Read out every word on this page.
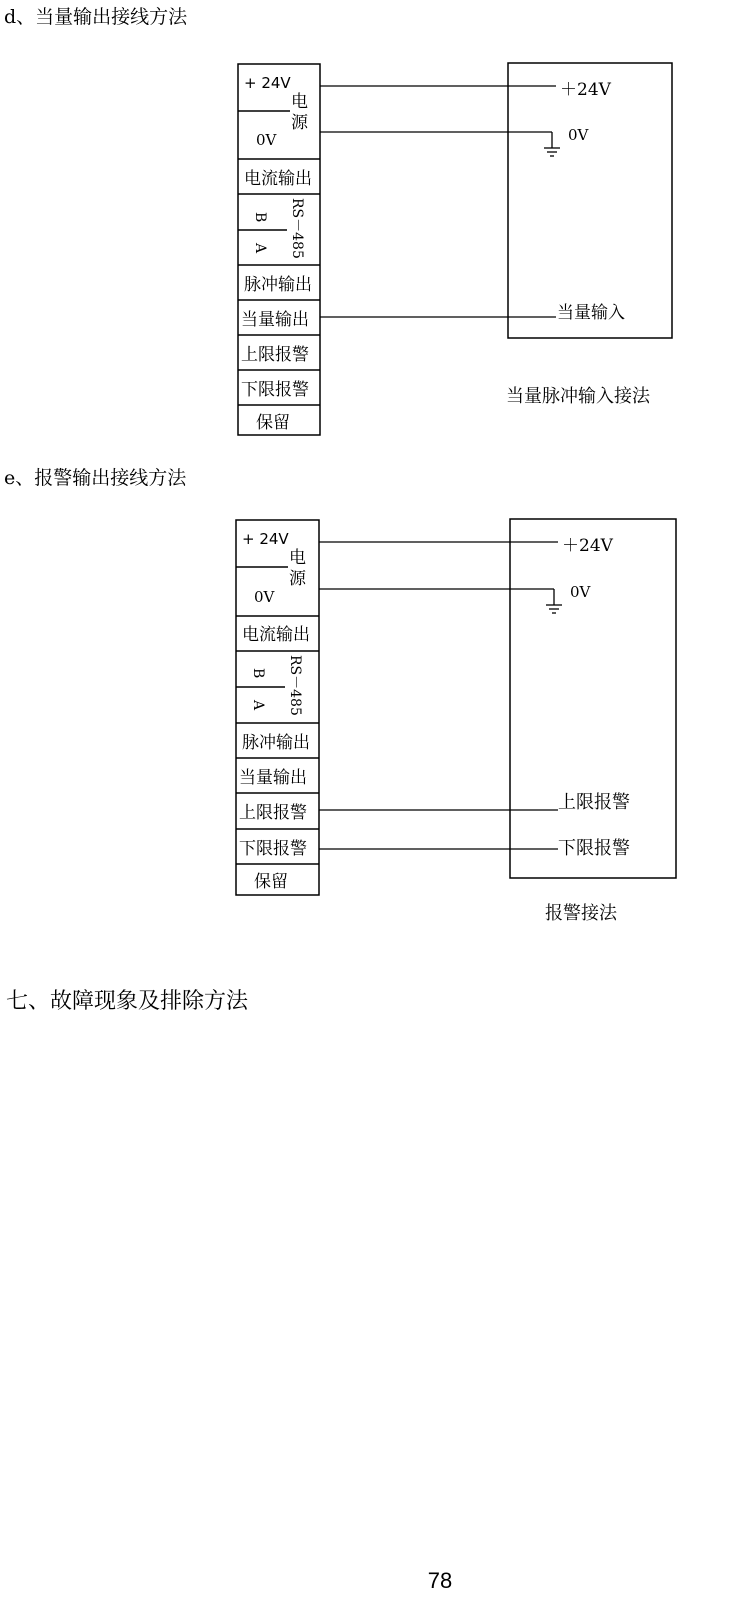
d、当量输出接线方法
+ 24V
0V
电
源
电流输出
B
A RS－485
脉冲输出
当量输出
上限报警
下限报警
保留
＋24V
0V
当量输入
当量脉冲输入接法
e、报警输出接线方法
+ 24V
0V
电
源
电流输出
B
A RS－485
脉冲输出
当量输出
上限报警
下限报警
保留
＋24V
0V
上限报警
下限报警
报警接法
七、故障现象及排除方法
78
